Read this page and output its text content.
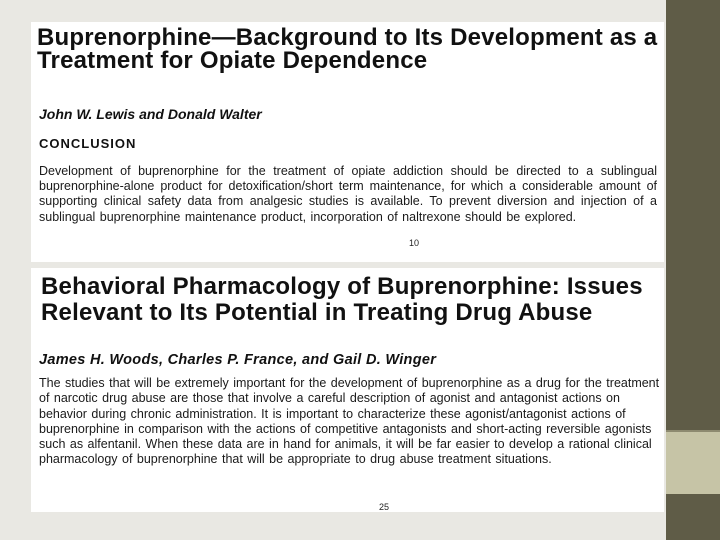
Buprenorphine—Background to Its Development as a Treatment for Opiate Dependence
John W. Lewis and Donald Walter
CONCLUSION

Development of buprenorphine for the treatment of opiate addiction should be directed to a sublingual buprenorphine-alone product for detoxification/short term maintenance, for which a considerable amount of supporting clinical safety data from analgesic studies is available. To prevent diversion and injection of a sublingual buprenorphine maintenance product, incorporation of naltrexone should be explored.

10
Behavioral Pharmacology of Buprenorphine: Issues Relevant to Its Potential in Treating Drug Abuse
James H. Woods, Charles P. France, and Gail D. Winger

The studies that will be extremely important for the development of buprenorphine as a drug for the treatment of narcotic drug abuse are those that involve a careful description of agonist and antagonist actions on behavior during chronic administration. It is important to characterize these agonist/antagonist actions of buprenorphine in comparison with the actions of competitive antagonists and short-acting reversible agonists such as alfentanil. When these data are in hand for animals, it will be far easier to develop a rational clinical pharmacology of buprenorphine that will be appropriate to drug abuse treatment situations.

25
